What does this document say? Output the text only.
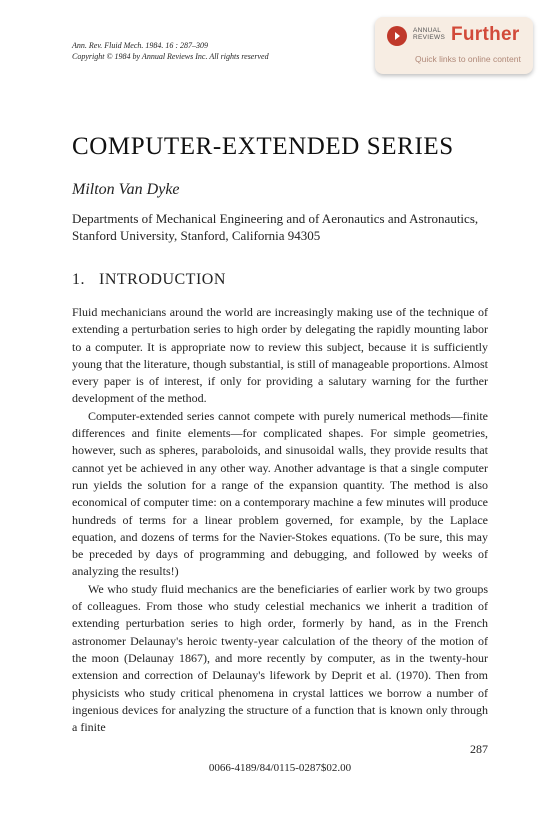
Ann. Rev. Fluid Mech. 1984. 16 : 287–309
Copyright © 1984 by Annual Reviews Inc. All rights reserved
ANNUAL
REVIEWS Further
Quick links to online content
COMPUTER-EXTENDED SERIES
Milton Van Dyke
Departments of Mechanical Engineering and of Aeronautics and Astronautics, Stanford University, Stanford, California 94305
1. INTRODUCTION

Fluid mechanicians around the world are increasingly making use of the technique of extending a perturbation series to high order by delegating the rapidly mounting labor to a computer. It is appropriate now to review this subject, because it is sufficiently young that the literature, though substantial, is still of manageable proportions. Almost every paper is of interest, if only for providing a salutary warning for the further development of the method.

Computer-extended series cannot compete with purely numerical methods—finite differences and finite elements—for complicated shapes. For simple geometries, however, such as spheres, paraboloids, and sinusoidal walls, they provide results that cannot yet be achieved in any other way. Another advantage is that a single computer run yields the solution for a range of the expansion quantity. The method is also economical of computer time: on a contemporary machine a few minutes will produce hundreds of terms for a linear problem governed, for example, by the Laplace equation, and dozens of terms for the Navier-Stokes equations. (To be sure, this may be preceded by days of programming and debugging, and followed by weeks of analyzing the results!)

We who study fluid mechanics are the beneficiaries of earlier work by two groups of colleagues. From those who study celestial mechanics we inherit a tradition of extending perturbation series to high order, formerly by hand, as in the French astronomer Delaunay's heroic twenty-year calculation of the theory of the motion of the moon (Delaunay 1867), and more recently by computer, as in the twenty-hour extension and correction of Delaunay's lifework by Deprit et al. (1970). Then from physicists who study critical phenomena in crystal lattices we borrow a number of ingenious devices for analyzing the structure of a function that is known only through a finite

287
0066-4189/84/0115-0287$02.00
